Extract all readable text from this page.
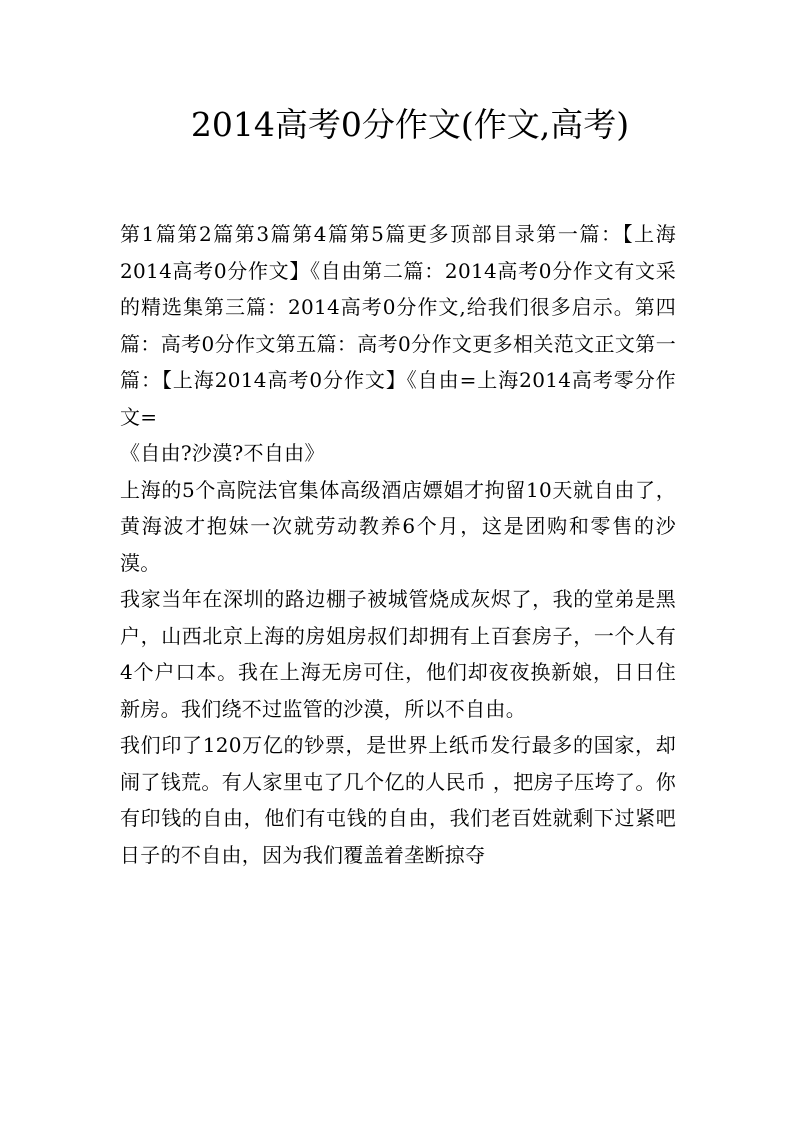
2014高考0分作文(作文,高考)

第1篇第2篇第3篇第4篇第5篇更多顶部目录第一篇：【上海2014高考0分作文】《自由第二篇：2014高考0分作文有文采的精选集第三篇：2014高考0分作文,给我们很多启示。第四篇：高考0分作文第五篇：高考0分作文更多相关范文正文第一篇：【上海2014高考0分作文】《自由=上海2014高考零分作文=

《自由?沙漠?不自由》

上海的5个高院法官集体高级酒店嫖娼才拘留10天就自由了，黄海波才抱妹一次就劳动教养6个月，这是团购和零售的沙漠。

我家当年在深圳的路边棚子被城管烧成灰烬了，我的堂弟是黑户，山西北京上海的房姐房叔们却拥有上百套房子，一个人有4个户口本。我在上海无房可住，他们却夜夜换新娘，日日住新房。我们绕不过监管的沙漠，所以不自由。

我们印了120万亿的钞票，是世界上纸币发行最多的国家，却闹了钱荒。有人家里屯了几个亿的人民币 ，把房子压垮了。你有印钱的自由，他们有屯钱的自由，我们老百姓就剩下过紧吧日子的不自由，因为我们覆盖着垄断掠夺
